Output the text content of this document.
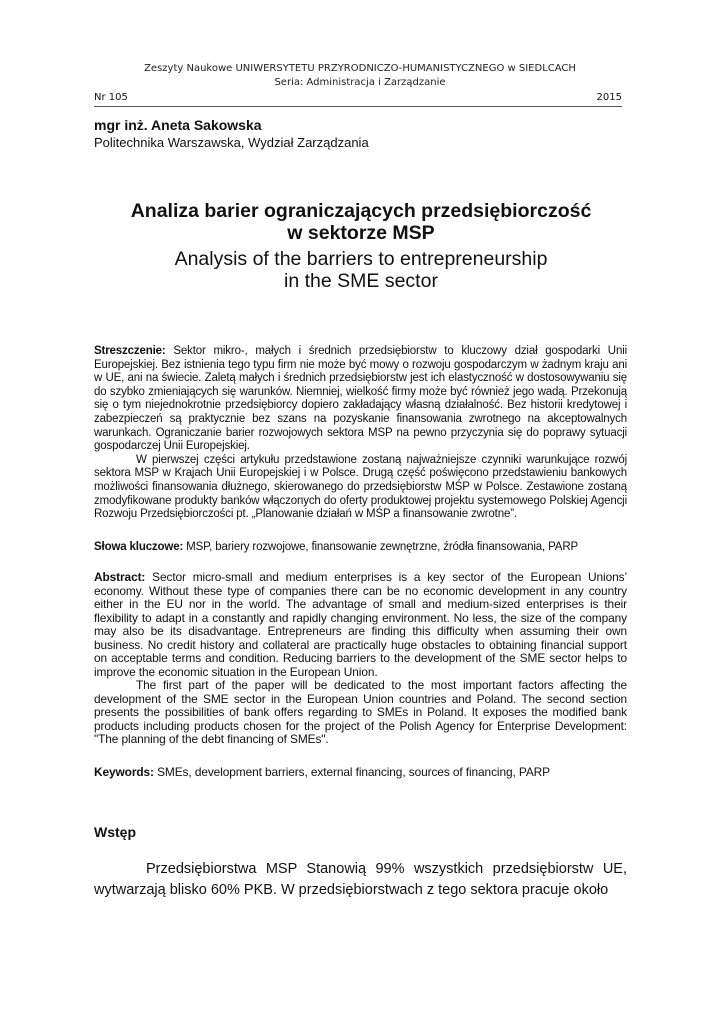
Zeszyty Naukowe UNIWERSYTETU PRZYRODNICZO-HUMANISTYCZNEGO w SIEDLCACH
Seria: Administracja i Zarządzanie
Nr 105	2015
mgr inż. Aneta Sakowska
Politechnika Warszawska, Wydział Zarządzania
Analiza barier ograniczających przedsiębiorczość
w sektorze MSP
Analysis of the barriers to entrepreneurship
in the SME sector

Streszczenie: Sektor mikro-, małych i średnich przedsiębiorstw to kluczowy dział gospodarki Unii Europejskiej. Bez istnienia tego typu firm nie może być mowy o rozwoju gospodarczym w żadnym kraju ani w UE, ani na świecie. Zaletą małych i średnich przedsiębiorstw jest ich elastyczność w dostosowywaniu się do szybko zmieniających się warunków. Niemniej, wielkość firmy może być również jego wadą. Przekonują się o tym niejednokrotnie przedsiębiorcy dopiero zakładający własną działalność. Bez historii kredytowej i zabezpieczeń są praktycznie bez szans na pozyskanie finansowania zwrotnego na akceptowalnych warunkach. Ograniczanie barier rozwojowych sektora MSP na pewno przyczynia się do poprawy sytuacji gospodarczej Unii Europejskiej.

W pierwszej części artykułu przedstawione zostaną najważniejsze czynniki warunkujące rozwój sektora MSP w Krajach Unii Europejskiej i w Polsce. Drugą część poświęcono przedstawieniu bankowych możliwości finansowania dłużnego, skierowanego do przedsiębiorstw MŚP w Polsce. Zestawione zostaną zmodyfikowane produkty banków włączonych do oferty produktowej projektu systemowego Polskiej Agencji Rozwoju Przedsiębiorczości pt. „Planowanie działań w MŚP a finansowanie zwrotne”.

Słowa kluczowe: MSP, bariery rozwojowe, finansowanie zewnętrzne, źródła finansowania, PARP

Abstract: Sector micro-small and medium enterprises is a key sector of the European Unions’ economy. Without these type of companies there can be no economic development in any country either in the EU nor in the world. The advantage of small and medium-sized enterprises is their flexibility to adapt in a constantly and rapidly changing environment. No less, the size of the company may also be its disadvantage. Entrepreneurs are finding this difficulty when assuming their own business. No credit history and collateral are practically huge obstacles to obtaining financial support on acceptable terms and condition. Reducing barriers to the development of the SME sector helps to improve the economic situation in the European Union.

The first part of the paper will be dedicated to the most important factors affecting the development of the SME sector in the European Union countries and Poland. The second section presents the possibilities of bank offers regarding to SMEs in Poland. It exposes the modified bank products including products chosen for the project of the Polish Agency for Enterprise Development: "The planning of the debt financing of SMEs".

Keywords: SMEs, development barriers, external financing, sources of financing, PARP

Wstęp
Przedsiębiorstwa MSP Stanowią 99% wszystkich przedsiębiorstw UE, wytwarzają blisko 60% PKB. W przedsiębiorstwach z tego sektora pracuje około
